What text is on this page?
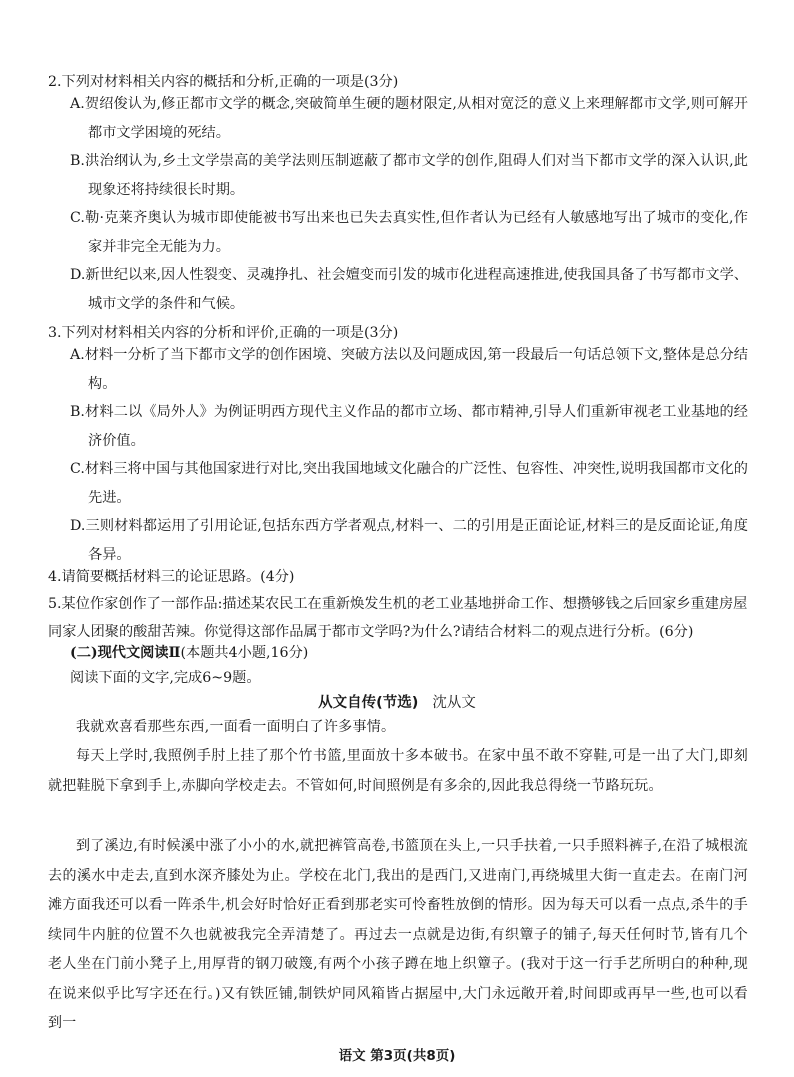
2.下列对材料相关内容的概括和分析,正确的一项是(3分)
A.贺绍俊认为,修正都市文学的概念,突破简单生硬的题材限定,从相对宽泛的意义上来理解都市文学,则可解开都市文学困境的死结。
B.洪治纲认为,乡土文学崇高的美学法则压制遮蔽了都市文学的创作,阻碍人们对当下都市文学的深入认识,此现象还将持续很长时期。
C.勒·克莱齐奥认为城市即使能被书写出来也已失去真实性,但作者认为已经有人敏感地写出了城市的变化,作家并非完全无能为力。
D.新世纪以来,因人性裂变、灵魂挣扎、社会嬗变而引发的城市化进程高速推进,使我国具备了书写都市文学、城市文学的条件和气候。
3.下列对材料相关内容的分析和评价,正确的一项是(3分)
A.材料一分析了当下都市文学的创作困境、突破方法以及问题成因,第一段最后一句话总领下文,整体是总分结构。
B.材料二以《局外人》为例证明西方现代主义作品的都市立场、都市精神,引导人们重新审视老工业基地的经济价值。
C.材料三将中国与其他国家进行对比,突出我国地域文化融合的广泛性、包容性、冲突性,说明我国都市文化的先进。
D.三则材料都运用了引用论证,包括东西方学者观点,材料一、二的引用是正面论证,材料三的是反面论证,角度各异。
4.请简要概括材料三的论证思路。(4分)
5.某位作家创作了一部作品:描述某农民工在重新焕发生机的老工业基地拼命工作、想攒够钱之后回家乡重建房屋同家人团聚的酸甜苦辣。你觉得这部作品属于都市文学吗?为什么?请结合材料二的观点进行分析。(6分)
(二)现代文阅读Ⅱ(本题共4小题,16分)
阅读下面的文字,完成6~9题。
从文自传(节选) 沈从文
我就欢喜看那些东西,一面看一面明白了许多事情。
每天上学时,我照例手肘上挂了那个竹书篮,里面放十多本破书。在家中虽不敢不穿鞋,可是一出了大门,即刻就把鞋脱下拿到手上,赤脚向学校走去。不管如何,时间照例是有多余的,因此我总得绕一节路玩玩。
到了溪边,有时候溪中涨了小小的水,就把裤管高卷,书篮顶在头上,一只手扶着,一只手照料裤子,在沿了城根流去的溪水中走去,直到水深齐膝处为止。学校在北门,我出的是西门,又进南门,再绕城里大街一直走去。在南门河滩方面我还可以看一阵杀牛,机会好时恰好正看到那老实可怜畜牲放倒的情形。因为每天可以看一点点,杀牛的手续同牛内脏的位置不久也就被我完全弄清楚了。再过去一点就是边街,有织簟子的铺子,每天任何时节,皆有几个老人坐在门前小凳子上,用厚背的钢刀破篾,有两个小孩子蹲在地上织簟子。(我对于这一行手艺所明白的种种,现在说来似乎比写字还在行。)又有铁匠铺,制铁炉同风箱皆占据屋中,大门永远敞开着,时间即或再早一些,也可以看到一
语文 第3页(共8页)
